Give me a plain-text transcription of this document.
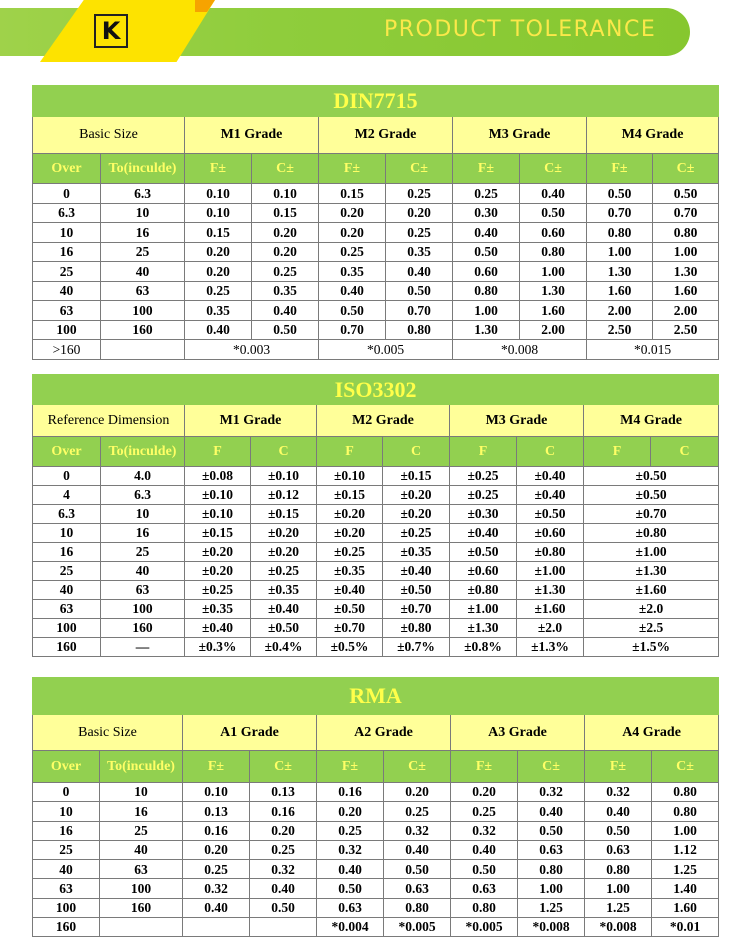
K	PRODUCT TOLERANCE
DIN7715									
Basic Size		M1 Grade		M2 Grade		M3 Grade		M4 Grade	
Over	To(inculde)	F±	C±	F±	C±	F±	C±	F±	C±
0	6.3	0.10	0.10	0.15	0.25	0.25	0.40	0.50	0.50
6.3	10	0.10	0.15	0.20	0.20	0.30	0.50	0.70	0.70
10	16	0.15	0.20	0.20	0.25	0.40	0.60	0.80	0.80
16	25	0.20	0.20	0.25	0.35	0.50	0.80	1.00	1.00
25	40	0.20	0.25	0.35	0.40	0.60	1.00	1.30	1.30
40	63	0.25	0.35	0.40	0.50	0.80	1.30	1.60	1.60
63	100	0.35	0.40	0.50	0.70	1.00	1.60	2.00	2.00
100	160	0.40	0.50	0.70	0.80	1.30	2.00	2.50	2.50
>160		*0.003		*0.005		*0.008		*0.015	
ISO3302									
Reference Dimension		M1 Grade		M2 Grade		M3 Grade		M4 Grade	
Over	To(inculde)	F	C	F	C	F	C	F	C
0	4.0	±0.08	±0.10	±0.10	±0.15	±0.25	±0.40	±0.50	
4	6.3	±0.10	±0.12	±0.15	±0.20	±0.25	±0.40	±0.50	
6.3	10	±0.10	±0.15	±0.20	±0.20	±0.30	±0.50	±0.70	
10	16	±0.15	±0.20	±0.20	±0.25	±0.40	±0.60	±0.80	
16	25	±0.20	±0.20	±0.25	±0.35	±0.50	±0.80	±1.00	
25	40	±0.20	±0.25	±0.35	±0.40	±0.60	±1.00	±1.30	
40	63	±0.25	±0.35	±0.40	±0.50	±0.80	±1.30	±1.60	
63	100	±0.35	±0.40	±0.50	±0.70	±1.00	±1.60	±2.0	
100	160	±0.40	±0.50	±0.70	±0.80	±1.30	±2.0	±2.5	
160	—	±0.3%	±0.4%	±0.5%	±0.7%	±0.8%	±1.3%	±1.5%	
RMA									
Basic Size		A1 Grade		A2 Grade		A3 Grade		A4 Grade	
Over	To(inculde)	F±	C±	F±	C±	F±	C±	F±	C±
0	10	0.10	0.13	0.16	0.20	0.20	0.32	0.32	0.80
10	16	0.13	0.16	0.20	0.25	0.25	0.40	0.40	0.80
16	25	0.16	0.20	0.25	0.32	0.32	0.50	0.50	1.00
25	40	0.20	0.25	0.32	0.40	0.40	0.63	0.63	1.12
40	63	0.25	0.32	0.40	0.50	0.50	0.80	0.80	1.25
63	100	0.32	0.40	0.50	0.63	0.63	1.00	1.00	1.40
100	160	0.40	0.50	0.63	0.80	0.80	1.25	1.25	1.60
160				*0.004	*0.005	*0.005	*0.008	*0.008	*0.01
